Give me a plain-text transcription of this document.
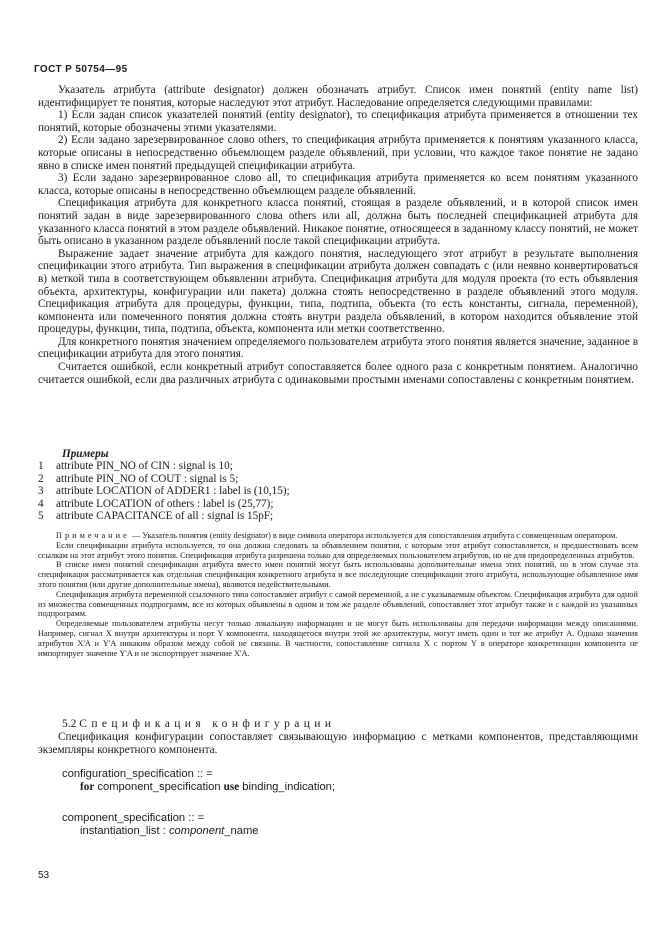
ГОСТ Р 50754—95

Указатель атрибута (attribute designator) должен обозначать атрибут. Список имен понятий (entity name list) идентифицирует те понятия, которые наследуют этот атрибут. Наследование определяется следующими правилами:

1) Если задан список указателей понятий (entity designator), то спецификация атрибута применяется в отношении тех понятий, которые обозначены этими указателями.

2) Если задано зарезервированное слово others, то спецификация атрибута применяется к понятиям указанного класса, которые описаны в непосредственно объемлющем разделе объявлений, при условии, что каждое такое понятие не задано явно в списке имен понятий предыдущей спецификации атрибута.

3) Если задано зарезервированное слово all, то спецификация атрибута применяется ко всем понятиям указанного класса, которые описаны в непосредственно объемлющем разделе объявлений.

Спецификация атрибута для конкретного класса понятий, стоящая в разделе объявлений, и в которой список имен понятий задан в виде зарезервированного слова others или all, должна быть последней спецификацией атрибута для указанного класса понятий в этом разделе объявлений. Никакое понятие, относящееся в заданному классу понятий, не может быть описано в указанном разделе объявлений после такой спецификации атрибута.

Выражение задает значение атрибута для каждого понятия, наследующего этот атрибут в результате выполнения спецификации этого атрибута. Тип выражения в спецификации атрибута должен совпадать с (или неявно конвертироваться в) меткой типа в соответствующем объявлении атрибута. Спецификация атрибута для модуля проекта (то есть объявления объекта, архитектуры, конфигурации или пакета) должна стоять непосредственно в разделе объявлений этого модуля. Спецификация атрибута для процедуры, функции, типа, подтипа, объекта (то есть константы, сигнала, переменной), компонента или помеченного понятия должна стоять внутри раздела объявлений, в котором находится объявление этой процедуры, функции, типа, подтипа, объекта, компонента или метки соответственно.

Для конкретного понятия значением определяемого пользователем атрибута этого понятия является значение, заданное в спецификации атрибута для этого понятия.

Считается ошибкой, если конкретный атрибут сопоставляется более одного раза с конкретным понятием. Аналогично считается ошибкой, если два различных атрибута с одинаковыми простыми именами сопоставлены с конкретным понятием.

Примеры
1 attribute PIN_NO of CIN : signal is 10;
2 attribute PIN_NO of COUT : signal is 5;
3 attribute LOCATION of ADDER1 : label is (10,15);
4 attribute LOCATION of others : label is (25,77);
5 attribute CAPACITANCE of all : signal is 15pF;

Примечание — Указатель понятия (entity designator) в виде символа оператора используется для сопоставления атрибута с совмещенным оператором.

Если спецификации атрибута используется, то она должна следовать за объявлением понятия, с которым этот атрибут сопоставляется, и предшествовать всем ссылкам на этот атрибут этого понятия. Спецификация атрибута разрешена только для определяемых пользователем атрибутов, но не для предопределенных атрибутов.

В списке имен понятий спецификации атрибута вместо имен понятий могут быть использованы дополнительные имена этих понятий, но в этом случае эта спецификация рассматривается как отдельная спецификация конкретного атрибута и все последующие спецификации этого атрибута, использующие объявленное имя этого понятия (или другие дополнительные имена), являются недействительными.

Спецификация атрибута переменной ссылочного типа сопоставляет атрибут с самой переменной, а не с указываемым объектом. Спецификация атрибута для одной из множества совмещенных подпрограмм, все из которых объявлены в одном и том же разделе объявлений, сопоставляет этот атрибут также и с каждой из указанных подпрограмм.

Определяемые пользователем атрибуты несут только локальную информацию и не могут быть использованы для передачи информации между описаниями. Например, сигнал X внутри архитектуры и порт Y компонента, находящегося внутри этой же архитектуры, могут иметь один и тот же атрибут A. Однако значения атрибутов X'A и Y'A никаким образом между собой не связаны. В частности, сопоставление сигнала X с портом Y в операторе конкретизации компонента не импортирует значение Y'A и не экспортирует значение X'A.

5.2 Спецификация конфигурации

Спецификация конфигурации сопоставляет связывающую информацию с метками компонентов, представляющими экземпляры конкретного компонента.

configuration_specification :: =
for component_specification use binding_indication;
component_specification :: =
instantiation_list : component_name
53
